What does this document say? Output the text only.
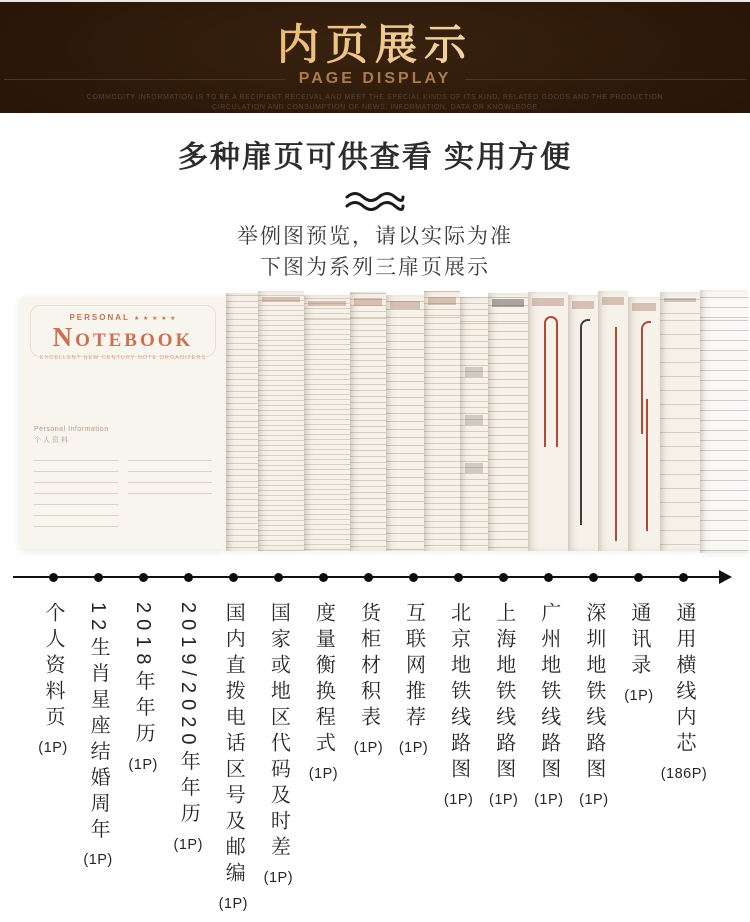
内页展示
PAGE DISPLAY
COMMODITY INFORMATION IS TO BE A RECIPIENT RECEIVAL AND MEET THE SPECIAL KINDS OF ITS KIND, RELATED GOODS AND THE PRODUCTION
CIRCULATION AND CONSUMPTION OF NEWS, INFORMATION, DATA OR KNOWLEDGE
多种扉页可供查看 实用方便
举例图预览，请以实际为准
下图为系列三扉页展示
PERSONAL ★ ★ ★ ★ ★
NOTEBOOK
EXCELLENT NEW CENTURY NOTE ORGANIZERS
Personal Information
个人资料
个人资料页
(1P) 12生肖星座结婚周年
(1P)
2018年年历
(1P) 2019/2020年年历
(1P) 国内直拨电话区号及邮编
(1P)
国家或地区代码及时差
(1P)
度量衡换程式
(1P)
货柜材积表
(1P)
互联网推荐
(1P) 北京地铁线路图
(1P)
上海地铁线路图
(1P)
广州地铁线路图
(1P)
深圳地铁线路图
(1P)
通讯录
(1P) 通用横线内芯
(186P)
